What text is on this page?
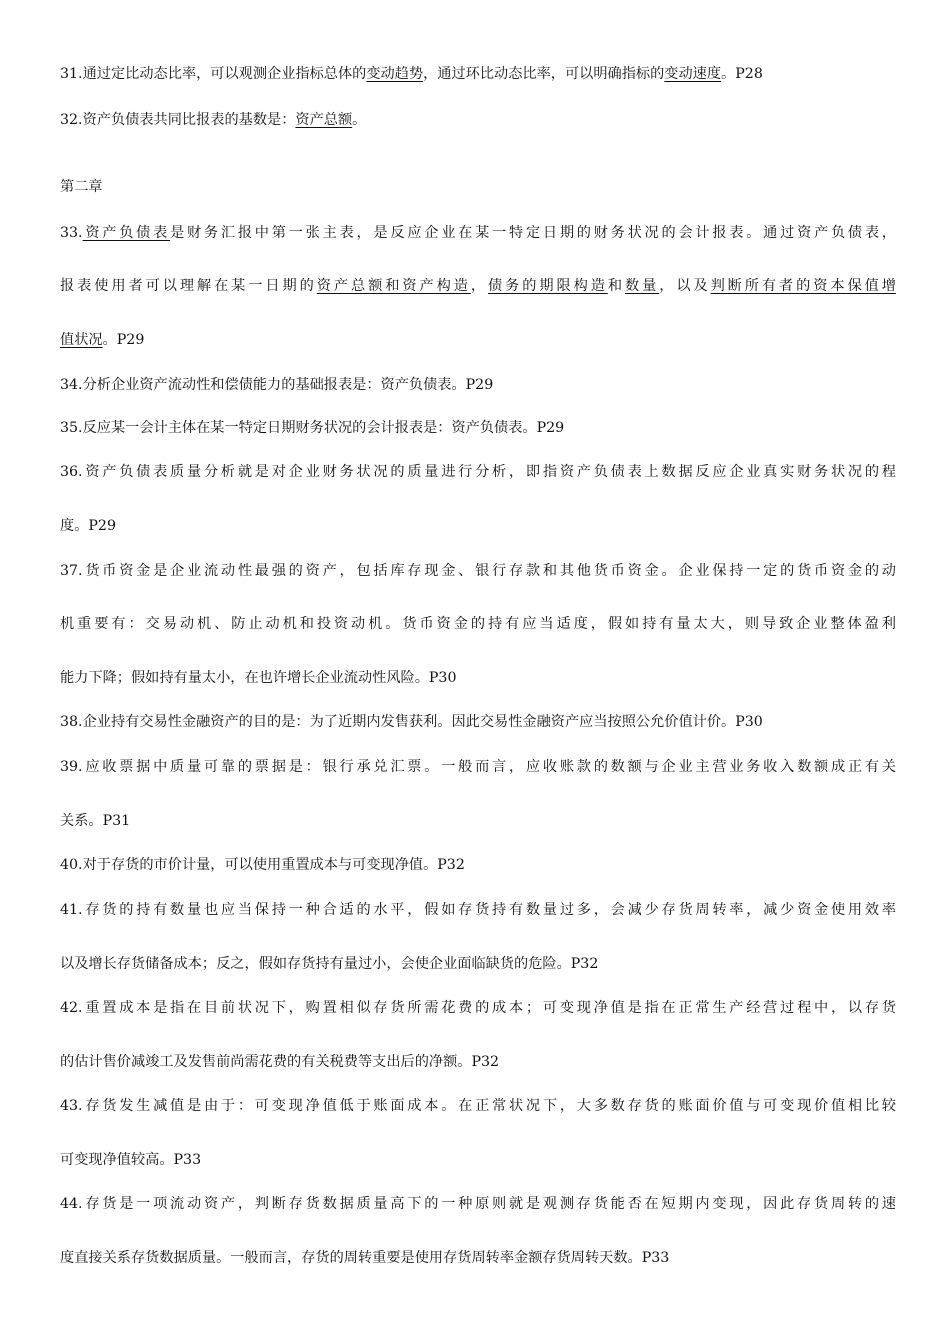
31.通过定比动态比率，可以观测企业指标总体的变动趋势，通过环比动态比率，可以明确指标的变动速度。P28
32.资产负债表共同比报表的基数是：资产总额。
第二章
33.资产负债表是财务汇报中第一张主表，是反应企业在某一特定日期的财务状况的会计报表。通过资产负债表，
报表使用者可以理解在某一日期的资产总额和资产构造，债务的期限构造和数量，以及判断所有者的资本保值增
值状况。P29
34.分析企业资产流动性和偿债能力的基础报表是：资产负债表。P29
35.反应某一会计主体在某一特定日期财务状况的会计报表是：资产负债表。P29
36.资产负债表质量分析就是对企业财务状况的质量进行分析，即指资产负债表上数据反应企业真实财务状况的程
度。P29
37.货币资金是企业流动性最强的资产，包括库存现金、银行存款和其他货币资金。企业保持一定的货币资金的动
机重要有：交易动机、防止动机和投资动机。货币资金的持有应当适度，假如持有量太大，则导致企业整体盈利
能力下降；假如持有量太小，在也许增长企业流动性风险。P30
38.企业持有交易性金融资产的目的是：为了近期内发售获利。因此交易性金融资产应当按照公允价值计价。P30
39.应收票据中质量可靠的票据是：银行承兑汇票。一般而言，应收账款的数额与企业主营业务收入数额成正有关
关系。P31
40.对于存货的市价计量，可以使用重置成本与可变现净值。P32
41.存货的持有数量也应当保持一种合适的水平，假如存货持有数量过多，会减少存货周转率，减少资金使用效率
以及增长存货储备成本；反之，假如存货持有量过小，会使企业面临缺货的危险。P32
42.重置成本是指在目前状况下，购置相似存货所需花费的成本；可变现净值是指在正常生产经营过程中，以存货
的估计售价减竣工及发售前尚需花费的有关税费等支出后的净额。P32
43.存货发生减值是由于：可变现净值低于账面成本。在正常状况下，大多数存货的账面价值与可变现价值相比较
可变现净值较高。P33
44.存货是一项流动资产，判断存货数据质量高下的一种原则就是观测存货能否在短期内变现，因此存货周转的速
度直接关系存货数据质量。一般而言，存货的周转重要是使用存货周转率金额存货周转天数。P33
